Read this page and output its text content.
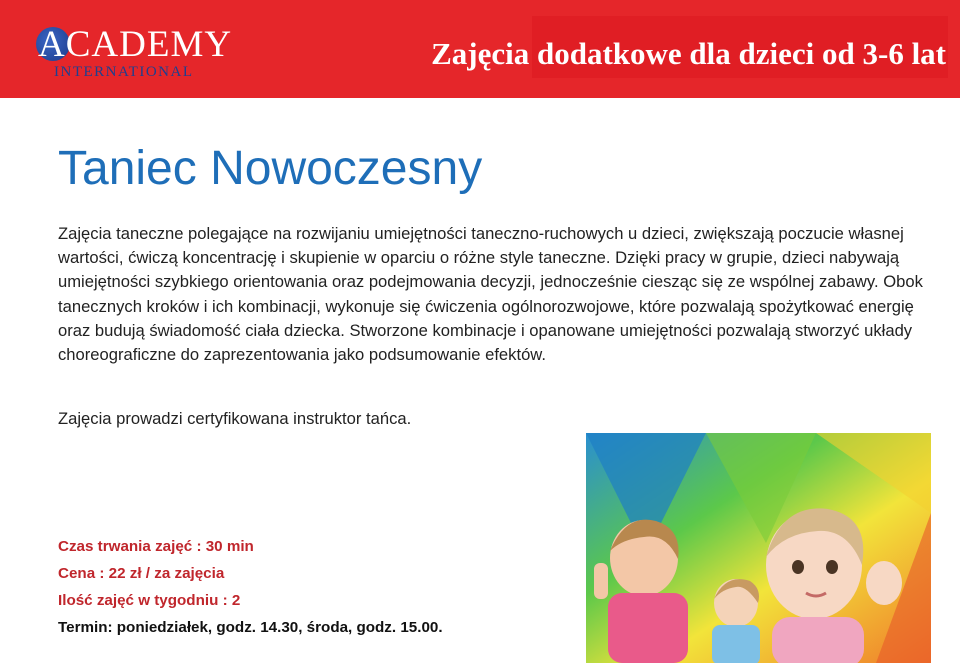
ACADEMY
INTERNATIONAL
Zajęcia dodatkowe dla dzieci od 3-6 lat
Taniec Nowoczesny
Zajęcia taneczne polegające na rozwijaniu umiejętności taneczno-ruchowych u dzieci, zwiększają poczucie własnej wartości, ćwiczą koncentrację i skupienie w oparciu o różne style taneczne. Dzięki pracy w grupie, dzieci nabywają umiejętności szybkiego orientowania oraz podejmowania decyzji, jednocześnie ciesząc się ze wspólnej zabawy. Obok tanecznych kroków i ich kombinacji, wykonuje się ćwiczenia ogólnorozwojowe, które pozwalają spożytkować energię oraz budują świadomość ciała dziecka. Stworzone kombinacje i opanowane umiejętności pozwalają stworzyć układy choreograficzne do zaprezentowania jako podsumowanie efektów.
Zajęcia prowadzi certyfikowana instruktor tańca.
Czas trwania zajęć : 30 min
Cena : 22 zł / za zajęcia
Ilość zajęć w tygodniu : 2
Termin: poniedziałek, godz. 14.30, środa, godz. 15.00.
